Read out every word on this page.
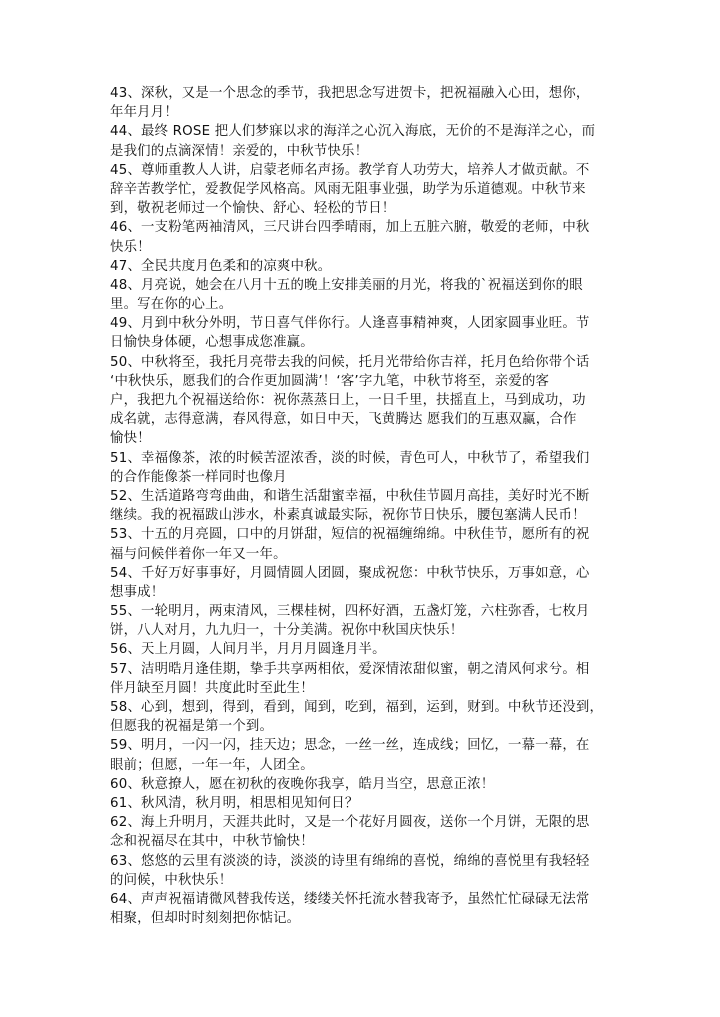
43、深秋，又是一个思念的季节，我把思念写进贺卡，把祝福融入心田，想你，
年年月月！
44、最终 ROSE 把人们梦寐以求的海洋之心沉入海底，无价的不是海洋之心，而
是我们的点滴深情！亲爱的，中秋节快乐！
45、尊师重教人人讲，启蒙老师名声扬。教学育人功劳大，培养人才做贡献。不
辞辛苦教学忙，爱教促学风格高。风雨无阻事业强，助学为乐道德观。中秋节来
到，敬祝老师过一个愉快、舒心、轻松的节日！
46、一支粉笔两袖清风，三尺讲台四季晴雨，加上五脏六腑，敬爱的老师，中秋
快乐！
47、全民共度月色柔和的凉爽中秋。
48、月亮说，她会在八月十五的晚上安排美丽的月光，将我的`祝福送到你的眼
里。写在你的心上。
49、月到中秋分外明，节日喜气伴你行。人逢喜事精神爽，人团家圆事业旺。节
日愉快身体硬，心想事成您准赢。
50、中秋将至，我托月亮带去我的问候，托月光带给你吉祥，托月色给你带个话
‘中秋快乐，愿我们的合作更加圆满’！‘客’字九笔，中秋节将至，亲爱的客
户，我把九个祝福送给你：祝你蒸蒸日上，一日千里，扶摇直上，马到成功，功
成名就，志得意满，春风得意，如日中天，飞黄腾达 愿我们的互惠双赢，合作
愉快！
51、幸福像茶，浓的时候苦涩浓香，淡的时候，青色可人，中秋节了，希望我们
的合作能像茶一样同时也像月
52、生活道路弯弯曲曲，和谐生活甜蜜幸福，中秋佳节圆月高挂，美好时光不断
继续。我的祝福跋山涉水，朴素真诚最实际，祝你节日快乐，腰包塞满人民币！
53、十五的月亮圆，口中的月饼甜，短信的祝福缠绵绵。中秋佳节，愿所有的祝
福与问候伴着你一年又一年。
54、千好万好事事好，月圆情圆人团圆，聚成祝您：中秋节快乐，万事如意，心
想事成！
55、一轮明月，两束清风，三棵桂树，四杯好酒，五盏灯笼，六柱弥香，七枚月
饼，八人对月，九九归一，十分美满。祝你中秋国庆快乐！
56、天上月圆，人间月半，月月月圆逢月半。
57、洁明晧月逢佳期，挚手共享两相依，爱深情浓甜似蜜，朝之清风何求兮。相
伴月缺至月圆！共度此时至此生！
58、心到，想到，得到，看到，闻到，吃到，福到，运到，财到。中秋节还没到，
但愿我的祝福是第一个到。
59、明月，一闪一闪，挂天边；思念，一丝一丝，连成线；回忆，一幕一幕，在
眼前；但愿，一年一年，人团全。
60、秋意撩人，愿在初秋的夜晚你我享，皓月当空，思意正浓！
61、秋风清，秋月明，相思相见知何日？
62、海上升明月，天涯共此时，又是一个花好月圆夜，送你一个月饼，无限的思
念和祝福尽在其中，中秋节愉快！
63、悠悠的云里有淡淡的诗，淡淡的诗里有绵绵的喜悦，绵绵的喜悦里有我轻轻
的问候，中秋快乐！
64、声声祝福请微风替我传送，缕缕关怀托流水替我寄予，虽然忙忙碌碌无法常
相聚，但却时时刻刻把你惦记。
